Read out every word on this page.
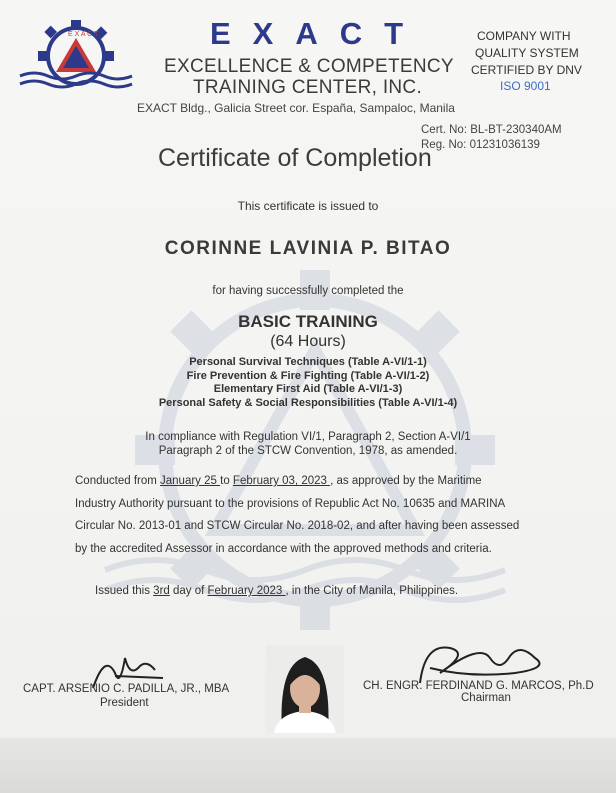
E X A C T	EXACT
EXCELLENCE & COMPETENCY
TRAINING CENTER, INC.
EXACT Bldg., Galicia Street cor. España, Sampaloc, Manila
COMPANY WITH
QUALITY SYSTEM
CERTIFIED BY DNV
ISO 9001
Cert. No: BL-BT-230340AM
Reg. No: 01231036139
Certificate of Completion
This certificate is issued to
CORINNE LAVINIA P. BITAO
for having successfully completed the
BASIC TRAINING
(64 Hours)
Personal Survival Techniques (Table A-VI/1-1)
Fire Prevention & Fire Fighting (Table A-VI/1-2)
Elementary First Aid (Table A-VI/1-3)
Personal Safety & Social Responsibilities (Table A-VI/1-4)
In compliance with Regulation VI/1, Paragraph 2, Section A-VI/1
Paragraph 2 of the STCW Convention, 1978, as amended.
Conducted from January 25 to February 03, 2023 , as approved by the Maritime
Industry Authority pursuant to the provisions of Republic Act No. 10635 and MARINA
Circular No. 2013-01 and STCW Circular No. 2018-02, and after having been assessed
by the accredited Assessor in accordance with the approved methods and criteria.
Issued this 3rd day of February 2023 , in the City of Manila, Philippines.
CAPT. ARSENIO C. PADILLA, JR., MBA
President
CH. ENGR. FERDINAND G. MARCOS, Ph.D
Chairman
